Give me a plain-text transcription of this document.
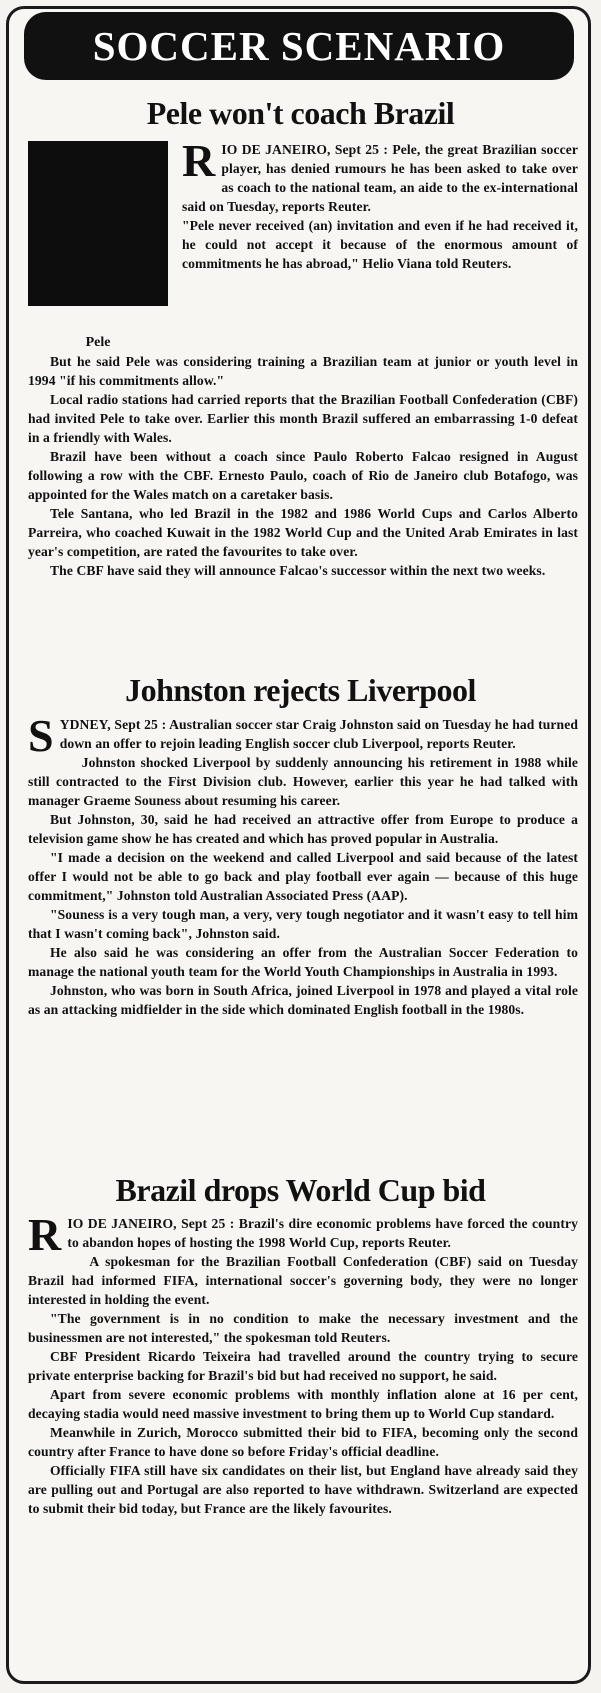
SOCCER SCENARIO
Pele won't coach Brazil
Pele

RIO DE JANEIRO, Sept 25 : Pele, the great Brazilian soccer player, has denied rumours he has been asked to take over as coach to the national team, an aide to the ex-international said on Tuesday, reports Reuter.

"Pele never received (an) invitation and even if he had received it, he could not accept it because of the enormous amount of commitments he has abroad," Helio Viana told Reuters.

But he said Pele was considering training a Brazilian team at junior or youth level in 1994 "if his commitments allow."

Local radio stations had carried reports that the Brazilian Football Confederation (CBF) had invited Pele to take over. Earlier this month Brazil suffered an embarrassing 1-0 defeat in a friendly with Wales.

Brazil have been without a coach since Paulo Roberto Falcao resigned in August following a row with the CBF. Ernesto Paulo, coach of Rio de Janeiro club Botafogo, was appointed for the Wales match on a caretaker basis.

Tele Santana, who led Brazil in the 1982 and 1986 World Cups and Carlos Alberto Parreira, who coached Kuwait in the 1982 World Cup and the United Arab Emirates in last year's competition, are rated the favourites to take over.

The CBF have said they will announce Falcao's successor within the next two weeks.

Johnston rejects Liverpool

SYDNEY, Sept 25 : Australian soccer star Craig Johnston said on Tuesday he had turned down an offer to rejoin leading English soccer club Liverpool, reports Reuter.

Johnston shocked Liverpool by suddenly announcing his retirement in 1988 while still contracted to the First Division club. However, earlier this year he had talked with manager Graeme Souness about resuming his career.

But Johnston, 30, said he had received an attractive offer from Europe to produce a television game show he has created and which has proved popular in Australia.

"I made a decision on the weekend and called Liverpool and said because of the latest offer I would not be able to go back and play football ever again — because of this huge commitment," Johnston told Australian Associated Press (AAP).

"Souness is a very tough man, a very, very tough negotiator and it wasn't easy to tell him that I wasn't coming back", Johnston said.

He also said he was considering an offer from the Australian Soccer Federation to manage the national youth team for the World Youth Championships in Australia in 1993.

Johnston, who was born in South Africa, joined Liverpool in 1978 and played a vital role as an attacking midfielder in the side which dominated English football in the 1980s.

Brazil drops World Cup bid

RIO DE JANEIRO, Sept 25 : Brazil's dire economic problems have forced the country to abandon hopes of hosting the 1998 World Cup, reports Reuter.

A spokesman for the Brazilian Football Confederation (CBF) said on Tuesday Brazil had informed FIFA, international soccer's governing body, they were no longer interested in holding the event.

"The government is in no condition to make the necessary investment and the businessmen are not interested," the spokesman told Reuters.

CBF President Ricardo Teixeira had travelled around the country trying to secure private enterprise backing for Brazil's bid but had received no support, he said.

Apart from severe economic problems with monthly inflation alone at 16 per cent, decaying stadia would need massive investment to bring them up to World Cup standard.

Meanwhile in Zurich, Morocco submitted their bid to FIFA, becoming only the second country after France to have done so before Friday's official deadline.

Officially FIFA still have six candidates on their list, but England have already said they are pulling out and Portugal are also reported to have withdrawn. Switzerland are expected to submit their bid today, but France are the likely favourites.
